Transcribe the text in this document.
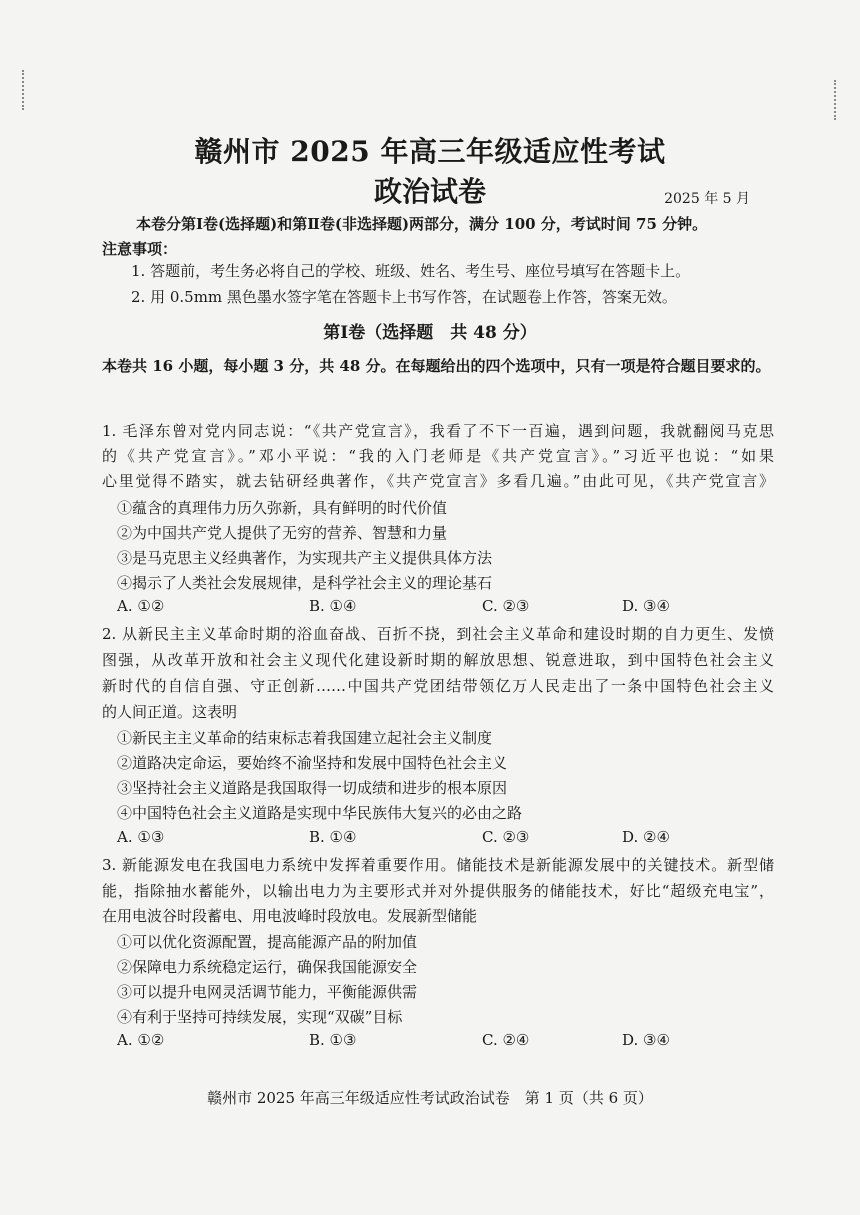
赣州市 2025 年高三年级适应性考试
政治试卷	2025 年 5 月
本卷分第Ⅰ卷(选择题)和第Ⅱ卷(非选择题)两部分，满分 100 分，考试时间 75 分钟。
注意事项：
1. 答题前，考生务必将自己的学校、班级、姓名、考生号、座位号填写在答题卡上。
2. 用 0.5mm 黑色墨水签字笔在答题卡上书写作答，在试题卷上作答，答案无效。
第Ⅰ卷（选择题　共 48 分）
本卷共 16 小题，每小题 3 分，共 48 分。在每题给出的四个选项中，只有一项是符合题目要求的。
1. 毛泽东曾对党内同志说：“《共产党宣言》，我看了不下一百遍，遇到问题，我就翻阅马克思
的《共产党宣言》。”邓小平说：“我的入门老师是《共产党宣言》。”习近平也说：“如果
心里觉得不踏实，就去钻研经典著作，《共产党宣言》多看几遍。”由此可见，《共产党宣言》
①蕴含的真理伟力历久弥新，具有鲜明的时代价值
②为中国共产党人提供了无穷的营养、智慧和力量
③是马克思主义经典著作，为实现共产主义提供具体方法
④揭示了人类社会发展规律，是科学社会主义的理论基石
A. ①②	B. ①④	C. ②③	D. ③④
2. 从新民主主义革命时期的浴血奋战、百折不挠，到社会主义革命和建设时期的自力更生、发愤
图强，从改革开放和社会主义现代化建设新时期的解放思想、锐意进取，到中国特色社会主义
新时代的自信自强、守正创新……中国共产党团结带领亿万人民走出了一条中国特色社会主义
的人间正道。这表明
①新民主主义革命的结束标志着我国建立起社会主义制度
②道路决定命运，要始终不渝坚持和发展中国特色社会主义
③坚持社会主义道路是我国取得一切成绩和进步的根本原因
④中国特色社会主义道路是实现中华民族伟大复兴的必由之路
A. ①③	B. ①④	C. ②③	D. ②④
3. 新能源发电在我国电力系统中发挥着重要作用。储能技术是新能源发展中的关键技术。新型储
能，指除抽水蓄能外，以输出电力为主要形式并对外提供服务的储能技术，好比“超级充电宝”，
在用电波谷时段蓄电、用电波峰时段放电。发展新型储能
①可以优化资源配置，提高能源产品的附加值
②保障电力系统稳定运行，确保我国能源安全
③可以提升电网灵活调节能力，平衡能源供需
④有利于坚持可持续发展，实现“双碳”目标
A. ①②	B. ①③	C. ②④	D. ③④
赣州市 2025 年高三年级适应性考试政治试卷　第 1 页（共 6 页）
